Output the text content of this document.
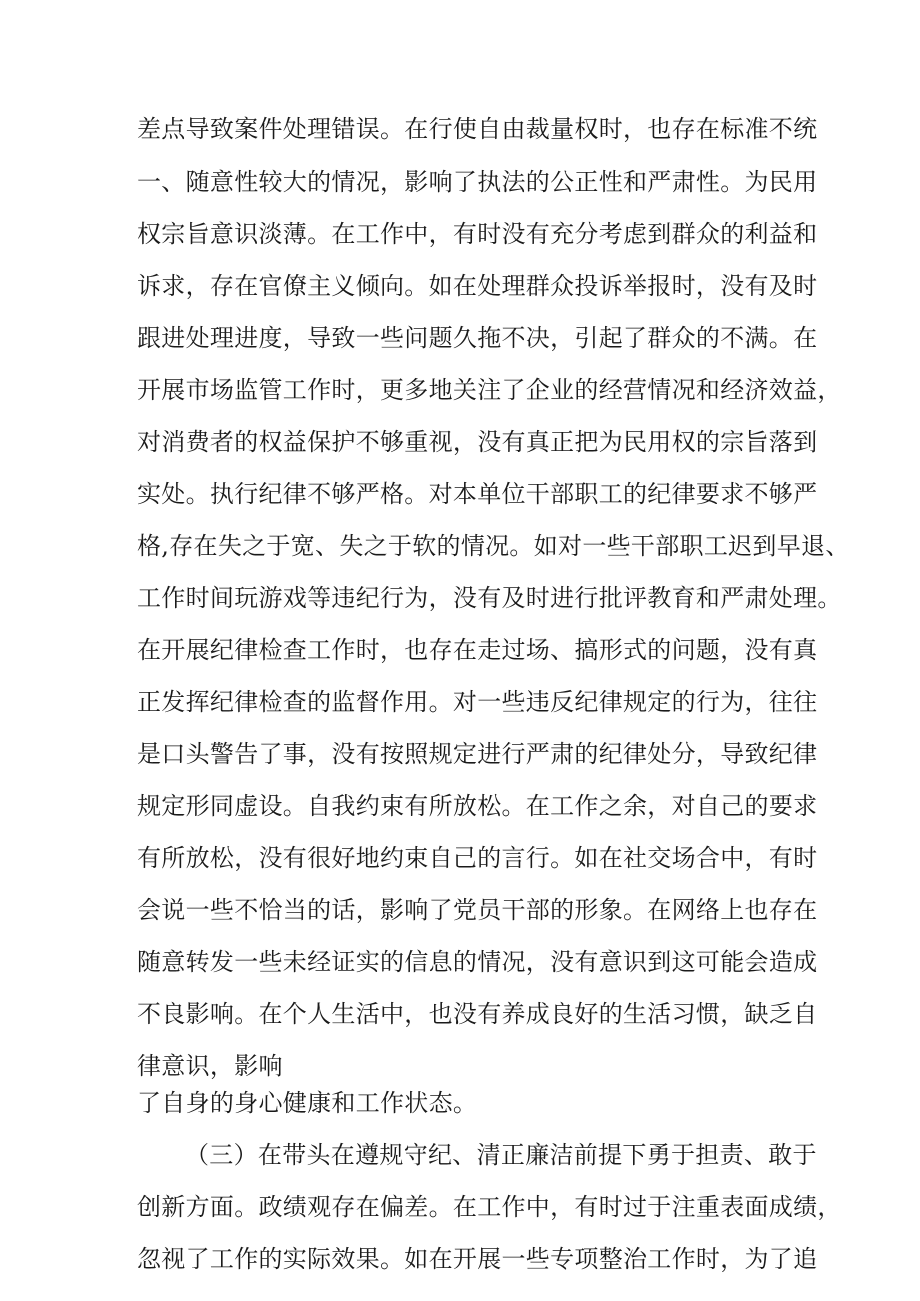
差点导致案件处理错误。在行使自由裁量权时，也存在标准不统
一、随意性较大的情况，影响了执法的公正性和严肃性。为民用
权宗旨意识淡薄。在工作中，有时没有充分考虑到群众的利益和
诉求，存在官僚主义倾向。如在处理群众投诉举报时，没有及时
跟进处理进度，导致一些问题久拖不决，引起了群众的不满。在
开展市场监管工作时，更多地关注了企业的经营情况和经济效益，
对消费者的权益保护不够重视，没有真正把为民用权的宗旨落到
实处。执行纪律不够严格。对本单位干部职工的纪律要求不够严
格,存在失之于宽、失之于软的情况。如对一些干部职工迟到早退、
工作时间玩游戏等违纪行为，没有及时进行批评教育和严肃处理。
在开展纪律检查工作时，也存在走过场、搞形式的问题，没有真
正发挥纪律检查的监督作用。对一些违反纪律规定的行为，往往
是口头警告了事，没有按照规定进行严肃的纪律处分，导致纪律
规定形同虚设。自我约束有所放松。在工作之余，对自己的要求
有所放松，没有很好地约束自己的言行。如在社交场合中，有时
会说一些不恰当的话，影响了党员干部的形象。在网络上也存在
随意转发一些未经证实的信息的情况，没有意识到这可能会造成
不良影响。在个人生活中，也没有养成良好的生活习惯，缺乏自
律意识，影响
了自身的身心健康和工作状态。
（三）在带头在遵规守纪、清正廉洁前提下勇于担责、敢于
创新方面。政绩观存在偏差。在工作中，有时过于注重表面成绩，
忽视了工作的实际效果。如在开展一些专项整治工作时，为了追
